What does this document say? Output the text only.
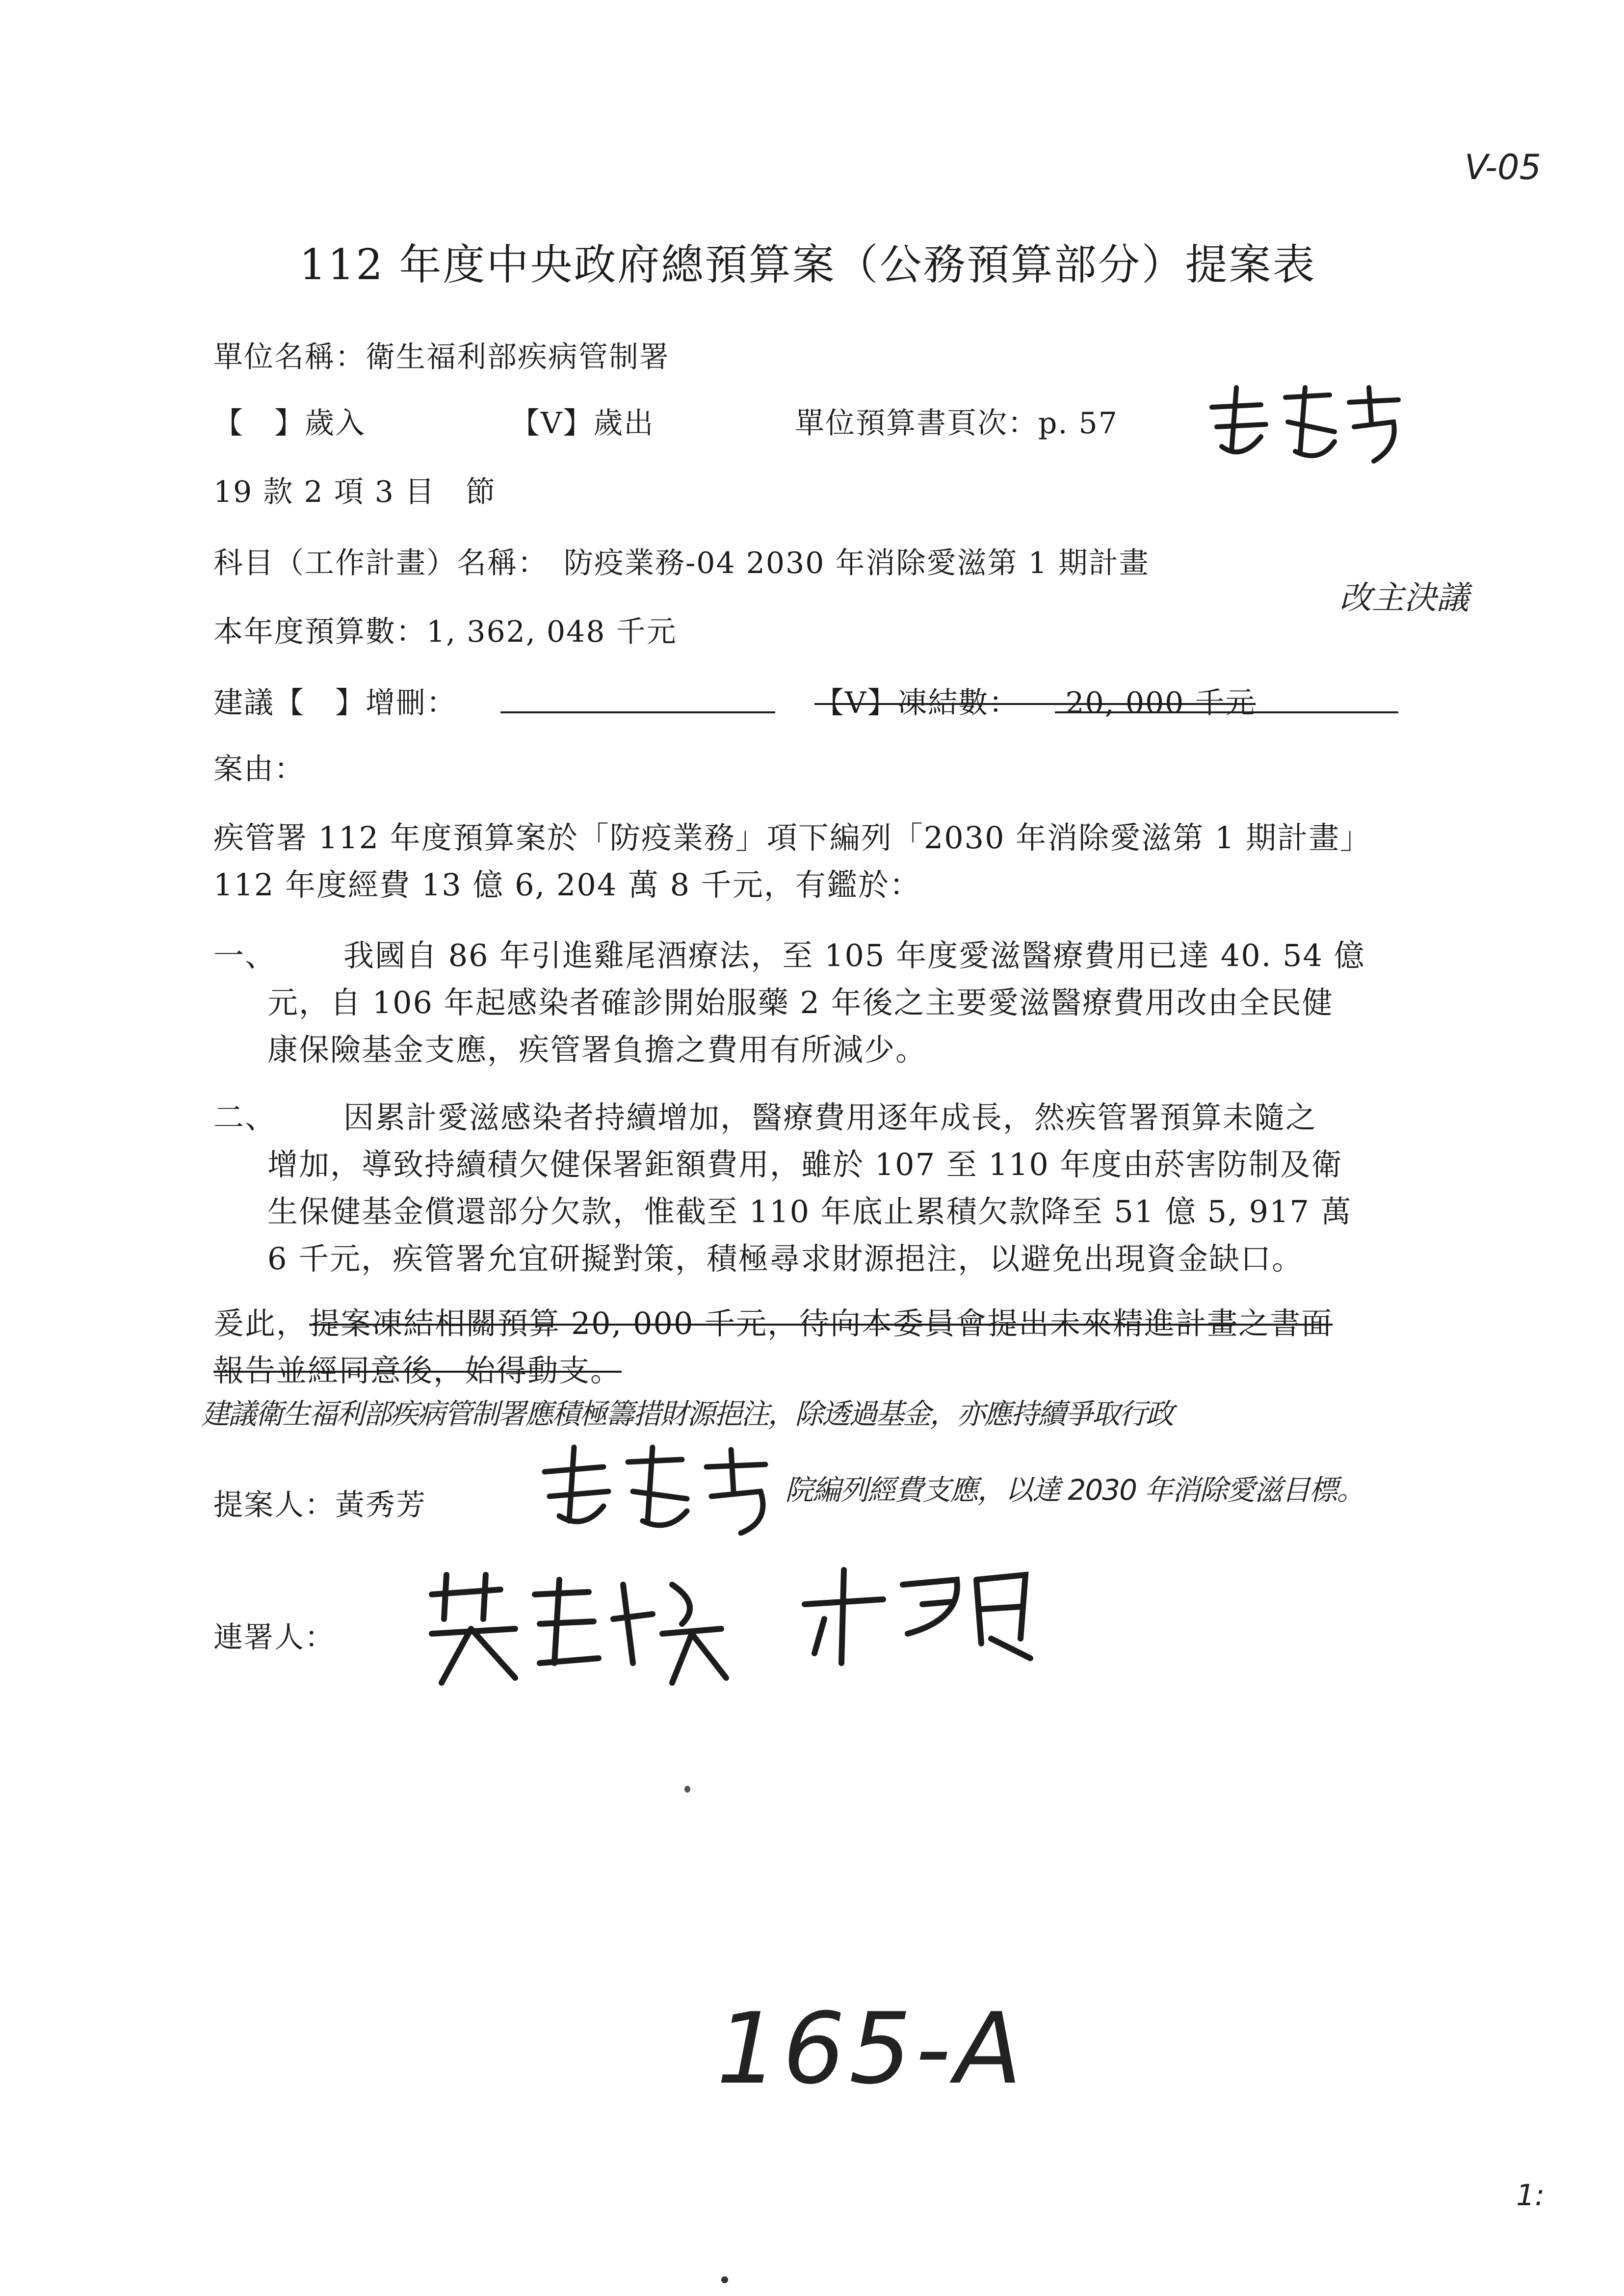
V-05
112 年度中央政府總預算案（公務預算部分）提案表
單位名稱：衛生福利部疾病管制署
【　】歲入	【V】歲出	單位預算書頁次：p. 57
19 款 2 項 3 目　節
科目（工作計畫）名稱：　防疫業務-04 2030 年消除愛滋第 1 期計畫
改主決議
本年度預算數：1, 362, 048 千元
建議【　】增刪：	【V】凍結數：　　20, 000 千元
案由：
疾管署 112 年度預算案於「防疫業務」項下編列「2030 年消除愛滋第 1 期計畫」
112 年度經費 13 億 6, 204 萬 8 千元，有鑑於：
一、 我國自 86 年引進雞尾酒療法，至 105 年度愛滋醫療費用已達 40. 54 億
元，自 106 年起感染者確診開始服藥 2 年後之主要愛滋醫療費用改由全民健
康保險基金支應，疾管署負擔之費用有所減少。
二、 因累計愛滋感染者持續增加，醫療費用逐年成長，然疾管署預算未隨之
增加，導致持續積欠健保署鉅額費用，雖於 107 至 110 年度由菸害防制及衛
生保健基金償還部分欠款，惟截至 110 年底止累積欠款降至 51 億 5, 917 萬
6 千元，疾管署允宜研擬對策，積極尋求財源挹注，以避免出現資金缺口。
爰此， 提案凍結相關預算 20, 000 千元，待向本委員會提出未來精進計畫之書面
報告並經同意後，始得動支。
建議衛生福利部疾病管制署應積極籌措財源挹注，除透過基金，亦應持續爭取行政
院編列經費支應，以達 2030 年消除愛滋目標。
提案人：黃秀芳
連署人：
165-A
1:
